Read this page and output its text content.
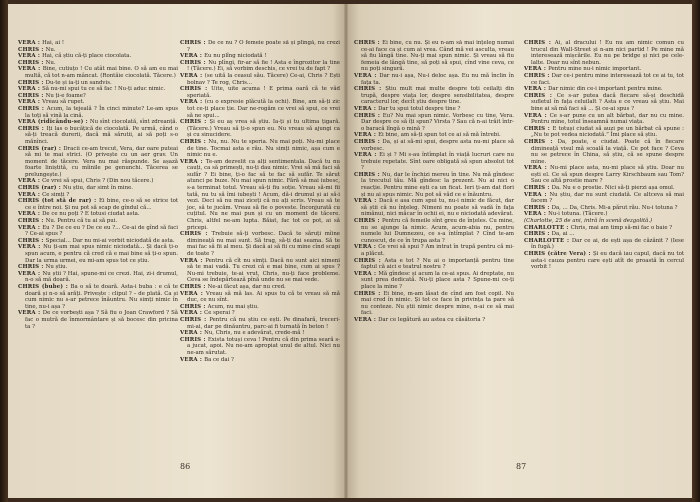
VERA : Hai, ai !

CHRIS : Nu.

VERA : Hai, că știu că-ți place ciocolata.

CHRIS : Nu.

VERA : Bine, cutiuțo ! Cu atât mai bine. O să am eu mai multă, că tot n-am mâncat. (Rontăie ciocolată. Tăcere.)

CHRIS : Du-te și ia-ți un sandvis.

VERA : Să nu-mi spui tu ce să fac ! Nu-ți aduc nimic.

CHRIS : Nu ți-e foame?

VERA : Vreau să rupet.

CHRIS : Acum, la tejeală ? În cinci minute? Le-am spus la toți să vină la cină.

VERA (ridicându-se) : Nu sînt ciocolată, sînt zdreanță.

CHRIS : Iți las o bucățică de ciocolată. Pe urmă, când o să-ți treacă durerii, dacă mă sărutii, ai să poți s-o mănînci.

CHRIS (rar) : Dracii ce-am trecut, Vera, dar oare puteai să mi te mai strici. (O privește cu un aer grav. Un moment de tăcere. Vera nu mai răspunde. Se așază foarte liniștită, cu mîinile pe genunchi. Tăcerea se prelungește.)

VERA : Ce vrei să spui, Chris ? (Din nou tăcere.)

CHRIS (rar) : Nu știu, dar simt în mine.

VERA : Ce simți ?

CHRIS (tot stă de rar) : Ei bine, ce-o să se strice tot ce e între noi. Și nu pot să scap de gîndul că...

VERA : De ce nu poți ? E totusi ciudat asta.

CHRIS : Nu. Pentru că tu ai să pui.

VERA : Eu ? De ce eu ? De ce eu ?... Ce-ai de gînd să faci ? Ce-ai spus ?

CHRIS : Special... Dar nu mi-ai vorbit niciodată de asta.

VERA : Nu ți-am mai spus nimic niciodată... Și dacă ți-o spun acum, e pentru că cred că e mai bine să ți-o spun. Dar la urma urmei, eu mi-am spus tot ce știu.

CHRIS : Nu știu.

VERA : Nu știi ? Hai, spune-mi ce crezi. Hai, zi-i drumul, n-o să mă doară.

CHRIS (bube) : Ba o să te doară. Asta-i buba : e că te doară și n-o să arăți. Privește : clipul ? – de plată. Ca și cum nimic nu s-ar petrece înăuntru. Nu simți nimic în tine, nu-i așa ?

VERA : De ce vorbești așa ? Să fiu o Joan Crawford ? Să fac o mutră de înmormântare și să bocesc din pricina ta ?

CHRIS : De ce nu ? O femeie poate să și plîngă, nu crezi ?

VERA : Eu nu plîng niciodată !

CHRIS : Nu plîngi, fir-ar să fie ! Asta e îngrozitor la tine ! (Tăcere.) Ei, să vorbim deschis, ce vrei tu de fapt ?

VERA : (se uită la ceasul său. Tăcere) Ce-ai, Chris ? Ești bolnav ? Te rog, Chris...

CHRIS : Uite, uite acuma ! E prima oară că te văd speriată.

VERA : (cu o expresie plăcută la ochi). Bine, am să-ți zic tot ce-ți place ție. Dar ne-rogăm ce vrei să spui, ce vrei să ne spui...

CHRIS : Și eu aș vrea să știu. Ia-ți și tu ultima țigară. (Tăcere.) Vreau să ți-o spun eu. Nu vreau să ajungi ca și cu sinucidere.

CHRIS : Nu, nu. Nu te speria. Nu mai poți. Nu-mi place de tine. Tocmai asta e rău. Nu simți nimic, așa cum e nimic nu e.

VERA : Te-am dezvelit ca alți sentimentala. Dacă tu nu cauți, ca să primești, nu-ți dau nimic. Vrei să mă faci să sufăr ? Ei bine, ți-o fac să te fac să sufăr. Te sărut atunci pe buze. Nu mai spun nimic. Fără să mai iubesc, s-a terminat totul. Vreau să-ți fiu soție. Vreau să-mi fii tată, nu tu să îmi iubești ! Acum, dă-i drumul și ai să-i vezi. Deci să nu mai ziceți că nu ați scris. Vreau să te joc, să te jucăm. Vreau să fie o poveste. Înconjurată cu cuțitul. Nu ne mai pun și cu un moment de tăcere. Chris, altfel ne-am lupta. Băiat, fac tot ce pot, ai să pricepi.

CHRIS : Trebuie să-ți vorbesc. Dacă te săruți mîine dimineață nu mai sunt. Să trag, să-ți dai seama. Să te mai fac să fii al meu. Și dacă ai să fii cu mine cînd scapi de toate ?

VERA : Pentru că cît nu simți. Dacă nu sunt aici nimeni să te mai vadă. Tu crezi că e mai bine, cum ai spus ? Nu-mi trebuie, te-ai vrut, Chris, nu-ți face probleme. Ceva se îndepărtează pînă unde nu se mai vede.

CHRIS : Ne-ai făcut așa, dar nu cred.

VERA : Vreau să mă las. Ai spus tu că te vreau să mă duc, ce nu sînt.

CHRIS : Acum, nu mai știu.

VERA : Ce sperai ?

CHRIS : Pentru că nu știu ce ești. Pe dinafară, treceri-mi-ai, dar pe dinăuntru, parc-ai fi turnată în beton !

VERA : Nu, Chris, nu e adevărat, crede-mă !

CHRIS : Exista totuși ceva ! Pentru că din prima seară s-a jucat, apoi. Nu ne-am apropiat unul de altul. Nici nu ne-am sărutat.

VERA : Ba ce dai ?

86

CHRIS : Ei bine, cu nu. Și eu n-am să mai înțeleg numai ce-ai face ca și cum ai vrea. Când mă vei asculta, vreau să fiu lângă tine. Nu-ți mai spun nimic. Și vreau să fiu femeia de lângă tine, să poți să spui, cînd vine ceva, ce nu poți singură.

VERA : Dar nu-i așa, Nu-i deloc așa. Eu nu mă înclin în fața ta.

CHRIS : Știu mult mai multe despre toți ceilalți din trupă, despre viața lor, despre sensibilitatea, despre caracterul lor, decît știu despre tine.

VERA : Dar tu spui totul despre tine ?

CHRIS : Eu? Nu mai spun nimic. Vorbesc cu tine, Vera. Dar despre ce să îți spun? Virsta ? Sau că n-ai trăit într-o baracă lîngă o mină ?

VERA : Ei bine, am să-ți spun tot ce ai să mă întrebi.

CHRIS : Da, și ai să-mi spui, despre asta nu-mi place să vorbesc.

VERA : Ei și ? Mi s-au întîmplat în viață lucruri care nu trebuie repetate. Sînt oare obligată să spun absolut tot ?

CHRIS : Nu, dar le închizi mereu în tine. Nu mă gîndesc la trecutul tău. Mă gîndesc la prezent. Nu ai nici o reacție. Pentru mine ești ca un ficat. Ieri ți-am dat flori și nu ai spus nimic. Nu pot să văd ce e înăuntru.

VERA : Dacă e asa cum spui tu, nu-i nimic de făcut, dar să știi că nu înțeleg. Nimeni nu poate să vadă în fața nimănui, nici măcar în ochii ei, nu e niciodată adevărat.

CHRIS : Pentru că femeile sînt greu de înțeles. Cu mine, nu se ajunge la nimic. Acum, acum-abia nu, pentru numele lui Dumnezeu, ce s-a întîmplat ? Cînd te-am cunoscut, de ce în trupa asta ?

VERA : Ce vrei să spui ? Am intrat în trupă pentru că mi-a plăcut.

CHRIS : Asta e tot ? Nu ai o importanță pentru tine faptul că aici e teatrul nostru ?

VERA : Mă gîndesc și acum la ce-ai spus. Ai dreptate, nu sunt prea dedicată. Nu-ți place asta ? Spune-mi ce-ți place la mine ?

CHRIS : Ei bine, m-am lăsat de cînd am fost copil. Nu mai cred în nimic. Și tot ce face în privința ta pare să nu conteze. Nu știi nimic despre mine, n-ai ce să mai faci.

VERA : Dar ce legătură au astea cu căsătoria ?

CHRIS : Ai, al dracului ! Eu nu am nimic comun cu trucul din Wall-Street și n-am nici partid ! Pe mine mă interesează mișcările. Eu nu pe bridge și nici pe cele-lalte. Doar nu sînt nebun.

VERA : Pentru mine nu-i nimic important.

CHRIS : Dar ce-i pentru mine interesează tot ce ai tu, tot ce faci.

VERA : Dar nimic din ce-i important pentru mine.

CHRIS : Ce s-ar putea dacă fiecare să-și deschidă sufletul în fața celuilalt ? Asta e ce vreau să știu. Mai bine ai să mă faci să ... Și ce-ai spus ?

VERA : Ce s-ar pune cu un alt bărbat, dar nu cu mine. Pentru mine, totul înseamnă numai viața.

CHRIS : E totuși ciudat să auzi pe un bărbat că spune : „Nu te pot vedea niciodată.” Îmi place să știu.

CHRIS : Da, poate, e ciudat. Poate că în fiecare dimineață visul mă scoală la viață. Ce pot face ? Ceva nu se petrece în China, să știu, că se spune despre mine.

VERA : Nu-mi place asta, nu-mi place să știu. Doar nu ești el. Ce să spun despre Larry Kirschbaum sau Tom? Sau ce altă prostie mare ?

CHRIS : Da. Nu e o prostie. Nici să-ți pierzi așa omul.

VERA : Nu știu, dar nu sunt ciudată. Ce altceva să mai facem ?

CHRIS : Da, ... Da, Chris. Mi-a părut rău. Nu-i totuna ?

VERA : Nu-i totuna. (Tăcere.)

(Charlotte, 25 de ani, intră în scenă dezgolită.)

CHARLOTTE : Chris, mai am timp să-mi fac o baie ?

CHRIS : Da, ai ...

CHARLOTTE : Dar ce ai, de ești așa de căzănit ? (Iese în fugă.)

CHRIS (către Vera) : Și eu dacă iau capul, dacă nu tot asta-i cauza pentru care ești atît de proastă în cercul vorbit !

87
